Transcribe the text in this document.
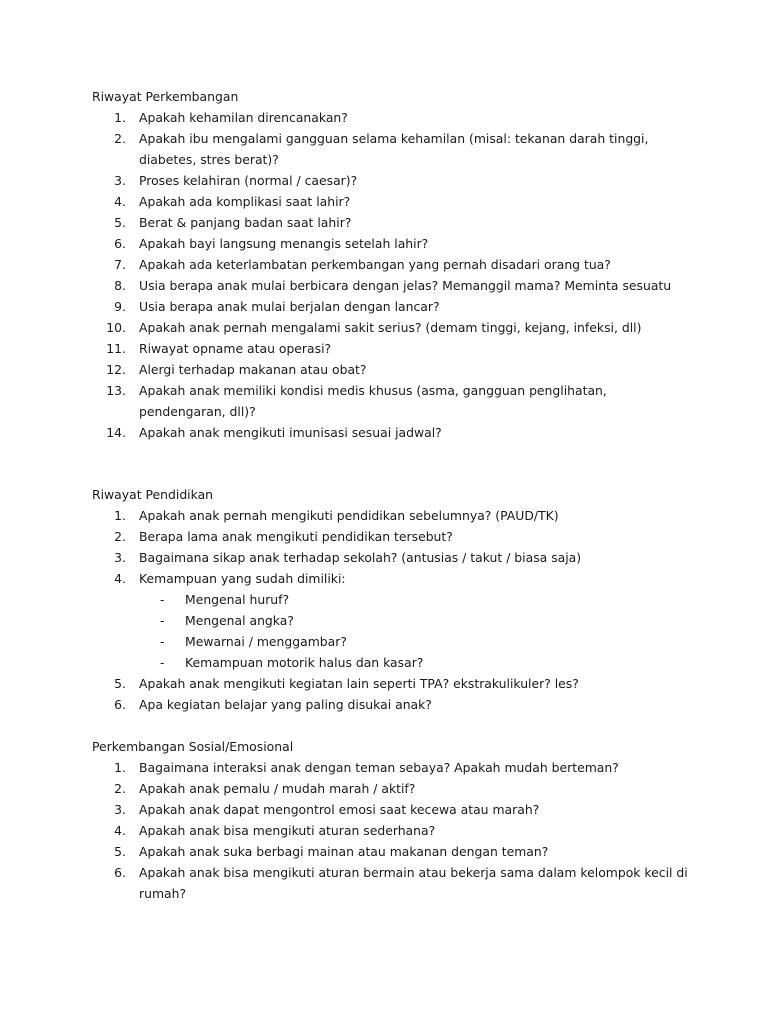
Riwayat Perkembangan
1. Apakah kehamilan direncanakan?
2. Apakah ibu mengalami gangguan selama kehamilan (misal: tekanan darah tinggi, diabetes, stres berat)?
3. Proses kelahiran (normal / caesar)?
4. Apakah ada komplikasi saat lahir?
5. Berat & panjang badan saat lahir?
6. Apakah bayi langsung menangis setelah lahir?
7. Apakah ada keterlambatan perkembangan yang pernah disadari orang tua?
8. Usia berapa anak mulai berbicara dengan jelas? Memanggil mama? Meminta sesuatu
9. Usia berapa anak mulai berjalan dengan lancar?
10. Apakah anak pernah mengalami sakit serius? (demam tinggi, kejang, infeksi, dll)
11. Riwayat opname atau operasi?
12. Alergi terhadap makanan atau obat?
13. Apakah anak memiliki kondisi medis khusus (asma, gangguan penglihatan, pendengaran, dll)?
14. Apakah anak mengikuti imunisasi sesuai jadwal?
Riwayat Pendidikan
1. Apakah anak pernah mengikuti pendidikan sebelumnya? (PAUD/TK)
2. Berapa lama anak mengikuti pendidikan tersebut?
3. Bagaimana sikap anak terhadap sekolah? (antusias / takut / biasa saja)
4. Kemampuan yang sudah dimiliki:
- Mengenal huruf?
- Mengenal angka?
- Mewarnai / menggambar?
- Kemampuan motorik halus dan kasar?
5. Apakah anak mengikuti kegiatan lain seperti TPA? ekstrakulikuler? les?
6. Apa kegiatan belajar yang paling disukai anak?
Perkembangan Sosial/Emosional
1. Bagaimana interaksi anak dengan teman sebaya? Apakah mudah berteman?
2. Apakah anak pemalu / mudah marah / aktif?
3. Apakah anak dapat mengontrol emosi saat kecewa atau marah?
4. Apakah anak bisa mengikuti aturan sederhana?
5. Apakah anak suka berbagi mainan atau makanan dengan teman?
6. Apakah anak bisa mengikuti aturan bermain atau bekerja sama dalam kelompok kecil di rumah?
